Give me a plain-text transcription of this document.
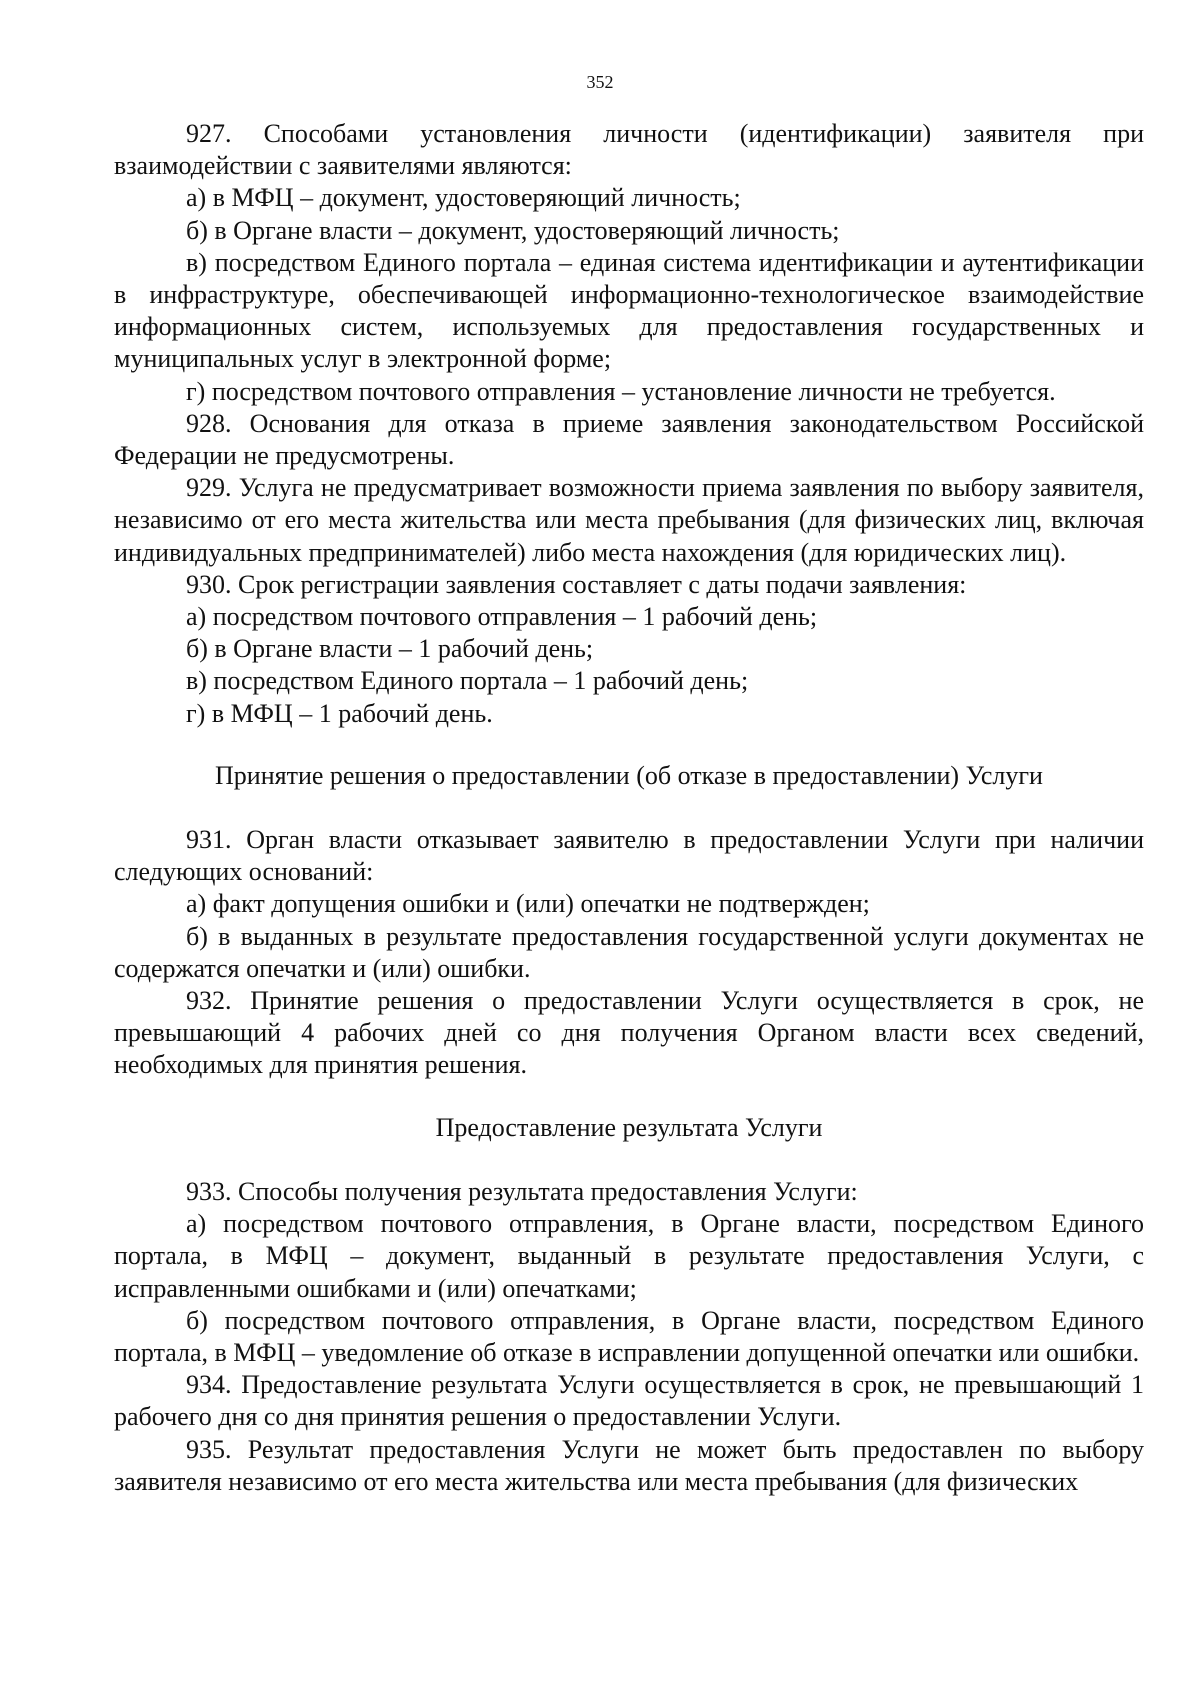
352

927. Способами установления личности (идентификации) заявителя при взаимодействии с заявителями являются:

а) в МФЦ – документ, удостоверяющий личность;

б) в Органе власти – документ, удостоверяющий личность;

в) посредством Единого портала – единая система идентификации и аутентификации в инфраструктуре, обеспечивающей информационно-технологическое взаимодействие информационных систем, используемых для предоставления государственных и муниципальных услуг в электронной форме;

г) посредством почтового отправления – установление личности не требуется.

928. Основания для отказа в приеме заявления законодательством Российской Федерации не предусмотрены.

929. Услуга не предусматривает возможности приема заявления по выбору заявителя, независимо от его места жительства или места пребывания (для физических лиц, включая индивидуальных предпринимателей) либо места нахождения (для юридических лиц).

930. Срок регистрации заявления составляет с даты подачи заявления:

а) посредством почтового отправления – 1 рабочий день;

б) в Органе власти – 1 рабочий день;

в) посредством Единого портала – 1 рабочий день;

г) в МФЦ – 1 рабочий день.

Принятие решения о предоставлении (об отказе в предоставлении) Услуги

931. Орган власти отказывает заявителю в предоставлении Услуги при наличии следующих оснований:

а) факт допущения ошибки и (или) опечатки не подтвержден;

б) в выданных в результате предоставления государственной услуги документах не содержатся опечатки и (или) ошибки.

932. Принятие решения о предоставлении Услуги осуществляется в срок, не превышающий 4 рабочих дней со дня получения Органом власти всех сведений, необходимых для принятия решения.

Предоставление результата Услуги

933. Способы получения результата предоставления Услуги:

а) посредством почтового отправления, в Органе власти, посредством Единого портала, в МФЦ – документ, выданный в результате предоставления Услуги, с исправленными ошибками и (или) опечатками;

б) посредством почтового отправления, в Органе власти, посредством Единого портала, в МФЦ – уведомление об отказе в исправлении допущенной опечатки или ошибки.

934. Предоставление результата Услуги осуществляется в срок, не превышающий 1 рабочего дня со дня принятия решения о предоставлении Услуги.

935. Результат предоставления Услуги не может быть предоставлен по выбору заявителя независимо от его места жительства или места пребывания (для физических
